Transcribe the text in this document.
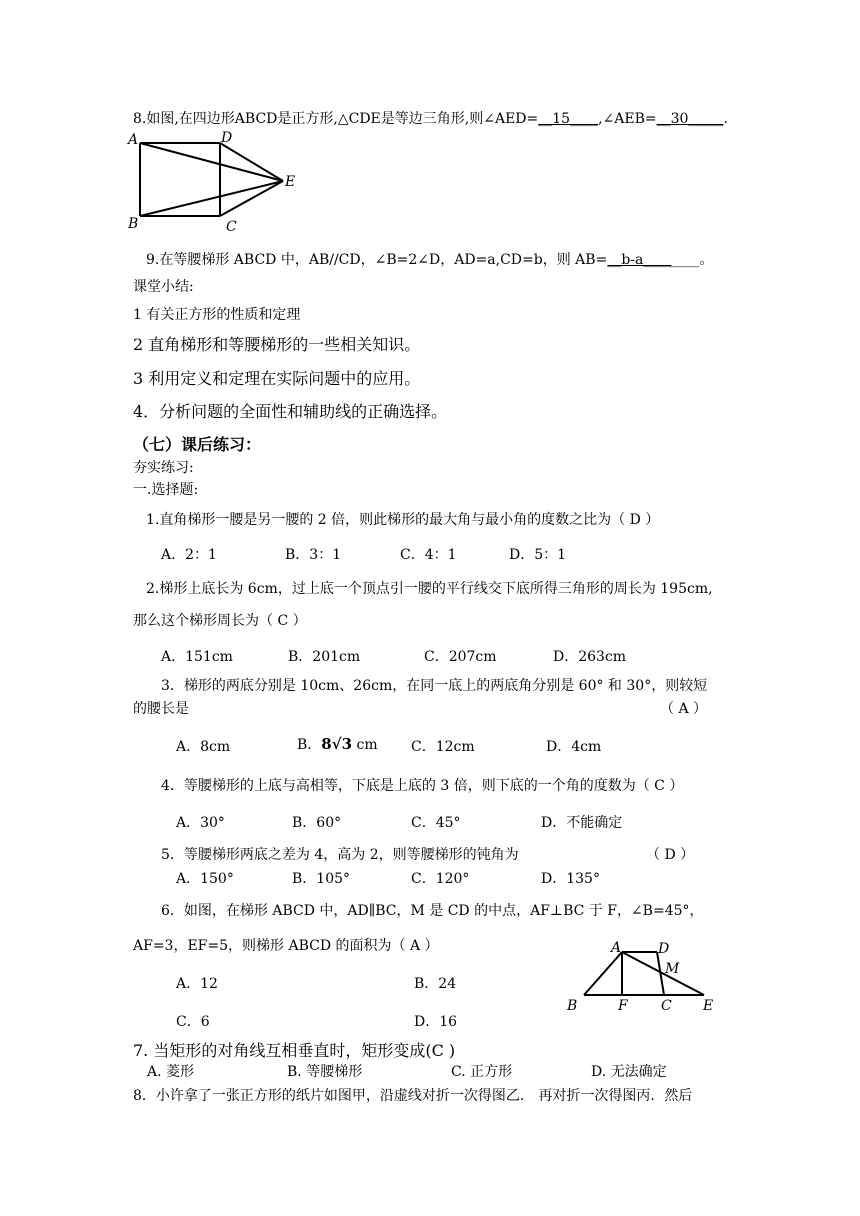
8.如图,在四边形ABCD是正方形,△CDE是等边三角形,则∠AED=__15____,∠AEB=__30_____.
A	D
E
B	C
9.在等腰梯形 ABCD 中，AB//CD，∠B=2∠D，AD=a,CD=b，则 AB=__b-a________。
课堂小结:
1 有关正方形的性质和定理
2 直角梯形和等腰梯形的一些相关知识。
3 利用定义和定理在实际问题中的应用。
4．分析问题的全面性和辅助线的正确选择。
（七）课后练习：
夯实练习:
一.选择题:
1.直角梯形一腰是另一腰的 2 倍，则此梯形的最大角与最小角的度数之比为（ D ）
A．2：1	B．3：1	C．4：1	D．5：1
2.梯形上底长为 6cm，过上底一个顶点引一腰的平行线交下底所得三角形的周长为 195cm,
那么这个梯形周长为（ C ）
A．151cm	B．201cm	C．207cm	D．263cm
3．梯形的两底分别是 10cm、26cm，在同一底上的两底角分别是 60° 和 30°，则较短
的腰长是	（ A ）
A．8cm	B．8√3 cm C．12cm	D．4cm
4．等腰梯形的上底与高相等，下底是上底的 3 倍，则下底的一个角的度数为（ C ）
A．30°	B．60°	C．45°	D．不能确定
5．等腰梯形两底之差为 4，高为 2，则等腰梯形的钝角为	（ D ）
A．150°	B．105°	C．120°	D．135°
6．如图，在梯形 ABCD 中，AD∥BC，M 是 CD 的中点，AF⊥BC 于 F，∠B=45°，
AF=3，EF=5，则梯形 ABCD 的面积为（ A ）
A．12	B．24
C．6	D．16
A	D
M
B	F C E
7. 当矩形的对角线互相垂直时，矩形变成(C )
A. 菱形	B. 等腰梯形	C. 正方形	D. 无法确定
8．小许拿了一张正方形的纸片如图甲，沿虚线对折一次得图乙． 再对折一次得图丙．然后
